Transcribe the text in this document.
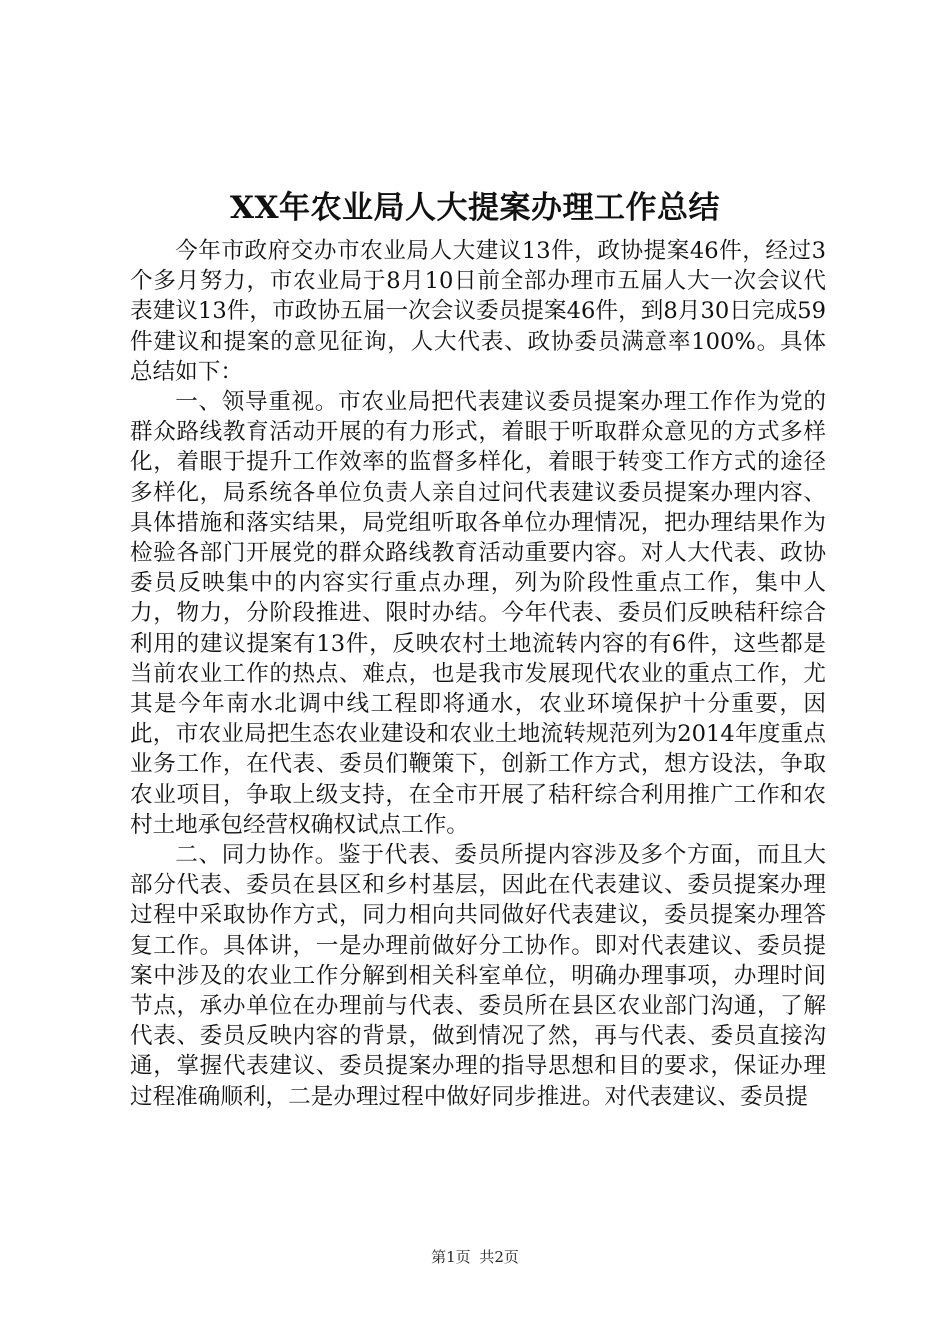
XX年农业局人大提案办理工作总结

今年市政府交办市农业局人大建议13件，政协提案46件，经过3个多月努力，市农业局于8月10日前全部办理市五届人大一次会议代表建议13件，市政协五届一次会议委员提案46件，到8月30日完成59件建议和提案的意见征询，人大代表、政协委员满意率100%。具体总结如下：

一、领导重视。市农业局把代表建议委员提案办理工作作为党的群众路线教育活动开展的有力形式，着眼于听取群众意见的方式多样化，着眼于提升工作效率的监督多样化，着眼于转变工作方式的途径多样化，局系统各单位负责人亲自过问代表建议委员提案办理内容、具体措施和落实结果，局党组听取各单位办理情况，把办理结果作为检验各部门开展党的群众路线教育活动重要内容。对人大代表、政协委员反映集中的内容实行重点办理，列为阶段性重点工作，集中人力，物力，分阶段推进、限时办结。今年代表、委员们反映秸秆综合利用的建议提案有13件，反映农村土地流转内容的有6件，这些都是当前农业工作的热点、难点，也是我市发展现代农业的重点工作，尤其是今年南水北调中线工程即将通水，农业环境保护十分重要，因此，市农业局把生态农业建设和农业土地流转规范列为2014年度重点业务工作，在代表、委员们鞭策下，创新工作方式，想方设法，争取农业项目，争取上级支持，在全市开展了秸秆综合利用推广工作和农村土地承包经营权确权试点工作。

二、同力协作。鉴于代表、委员所提内容涉及多个方面，而且大部分代表、委员在县区和乡村基层，因此在代表建议、委员提案办理过程中采取协作方式，同力相向共同做好代表建议，委员提案办理答复工作。具体讲，一是办理前做好分工协作。即对代表建议、委员提案中涉及的农业工作分解到相关科室单位，明确办理事项，办理时间节点，承办单位在办理前与代表、委员所在县区农业部门沟通，了解代表、委员反映内容的背景，做到情况了然，再与代表、委员直接沟通，掌握代表建议、委员提案办理的指导思想和目的要求，保证办理过程准确顺利，二是办理过程中做好同步推进。对代表建议、委员提

第1页 共2页
